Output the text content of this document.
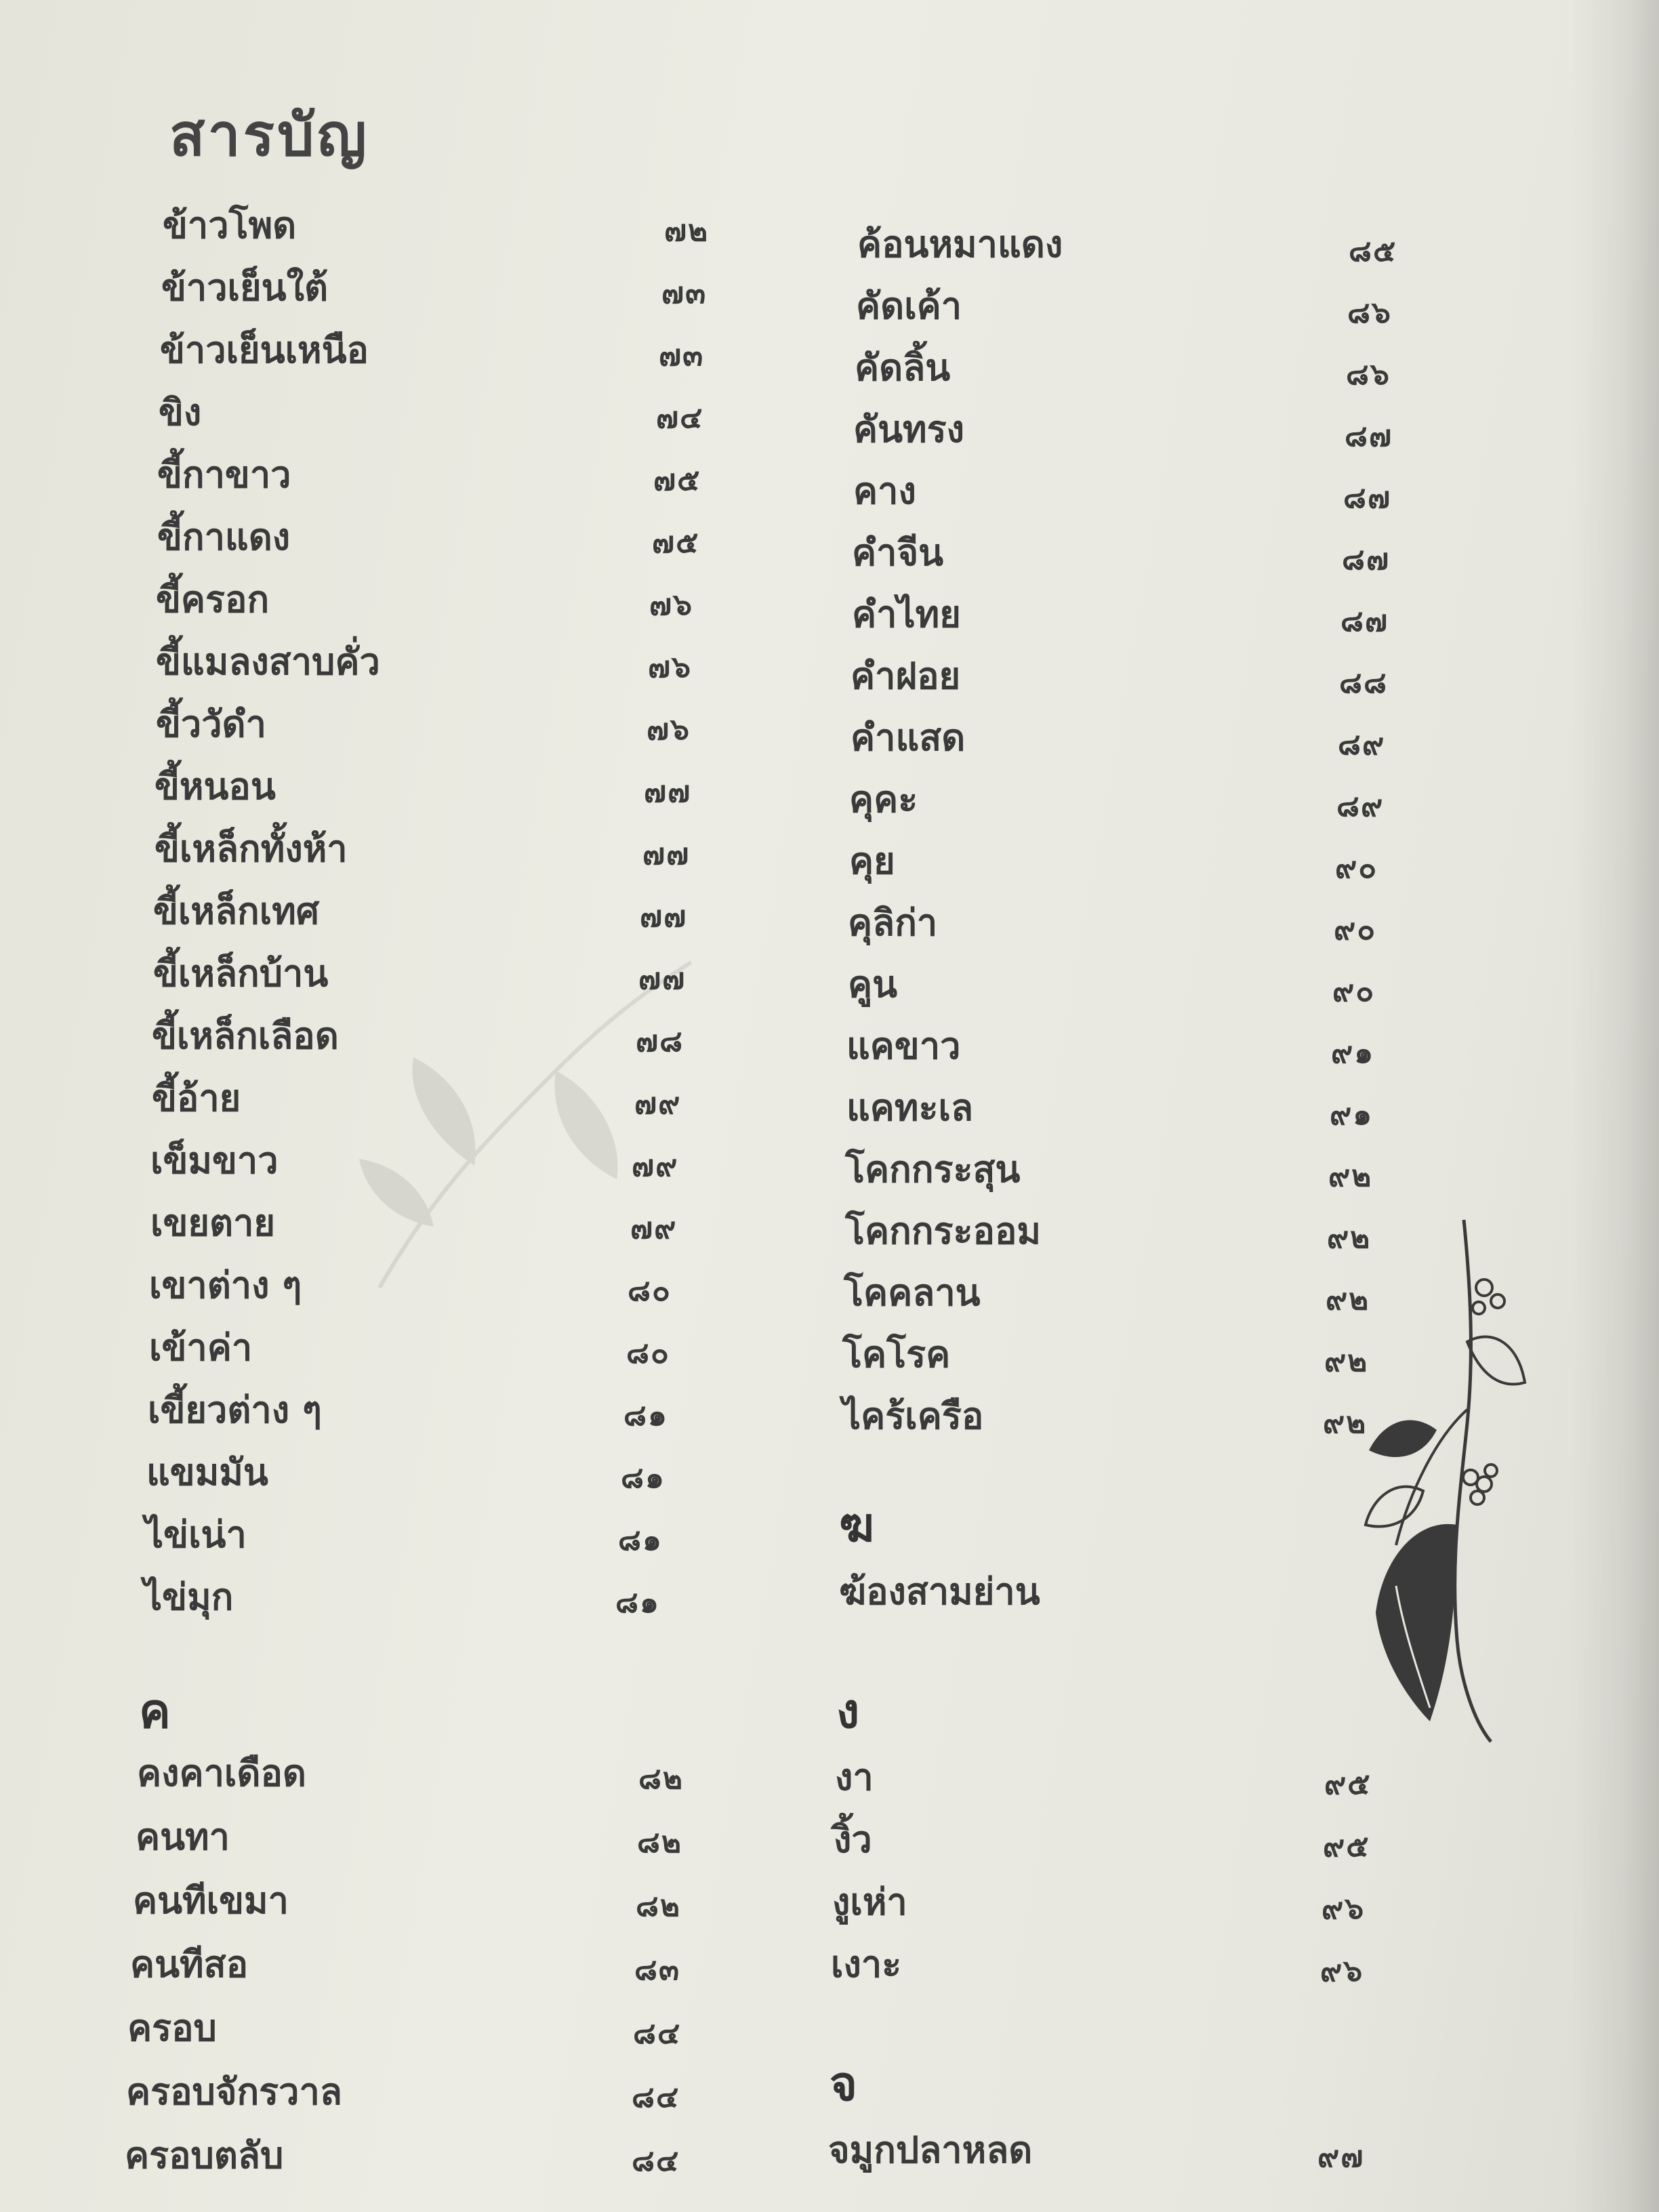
สารบัญ
ข้าวโพด	๗๒
ข้าวเย็นใต้	๗๓
ข้าวเย็นเหนือ	๗๓
ขิง	๗๔
ขี้กาขาว	๗๕
ขี้กาแดง	๗๕
ขี้ครอก	๗๖
ขี้แมลงสาบคั่ว	๗๖
ขี้ววัดำ	๗๖
ขี้หนอน	๗๗
ขี้เหล็กทั้งห้า	๗๗
ขี้เหล็กเทศ	๗๗
ขี้เหล็กบ้าน	๗๗
ขี้เหล็กเลือด	๗๘
ขี้อ้าย	๗๙
เข็มขาว	๗๙
เขยตาย	๗๙
เขาต่าง ๆ	๘๐
เข้าค่า	๘๐
เขี้ยวต่าง ๆ	๘๑
แขมมัน	๘๑
ไข่เน่า	๘๑
ไข่มุก	๘๑
ค
คงคาเดือด	๘๒
คนทา	๘๒
คนทีเขมา	๘๒
คนทีสอ	๘๓
ครอบ	๘๔
ครอบจักรวาล	๘๔
ครอบตลับ	๘๔
ค้อนหมาแดง	๘๕
คัดเค้า	๘๖
คัดลิ้น	๘๖
คันทรง	๘๗
คาง	๘๗
คำจีน	๘๗
คำไทย	๘๗
คำฝอย	๘๘
คำแสด	๘๙
คุคะ	๘๙
คุย	๙๐
คุลิก่า	๙๐
คูน	๙๐
แคขาว	๙๑
แคทะเล	๙๑
โคกกระสุน	๙๒
โคกกระออม	๙๒
โคคลาน	๙๒
โคโรค	๙๒
ไคร้เครือ	๙๒
ฆ
ฆ้องสามย่าน
ง
งา	๙๕
งิ้ว	๙๕
งูเห่า	๙๖
เงาะ	๙๖
จ
จมูกปลาหลด	๙๗
